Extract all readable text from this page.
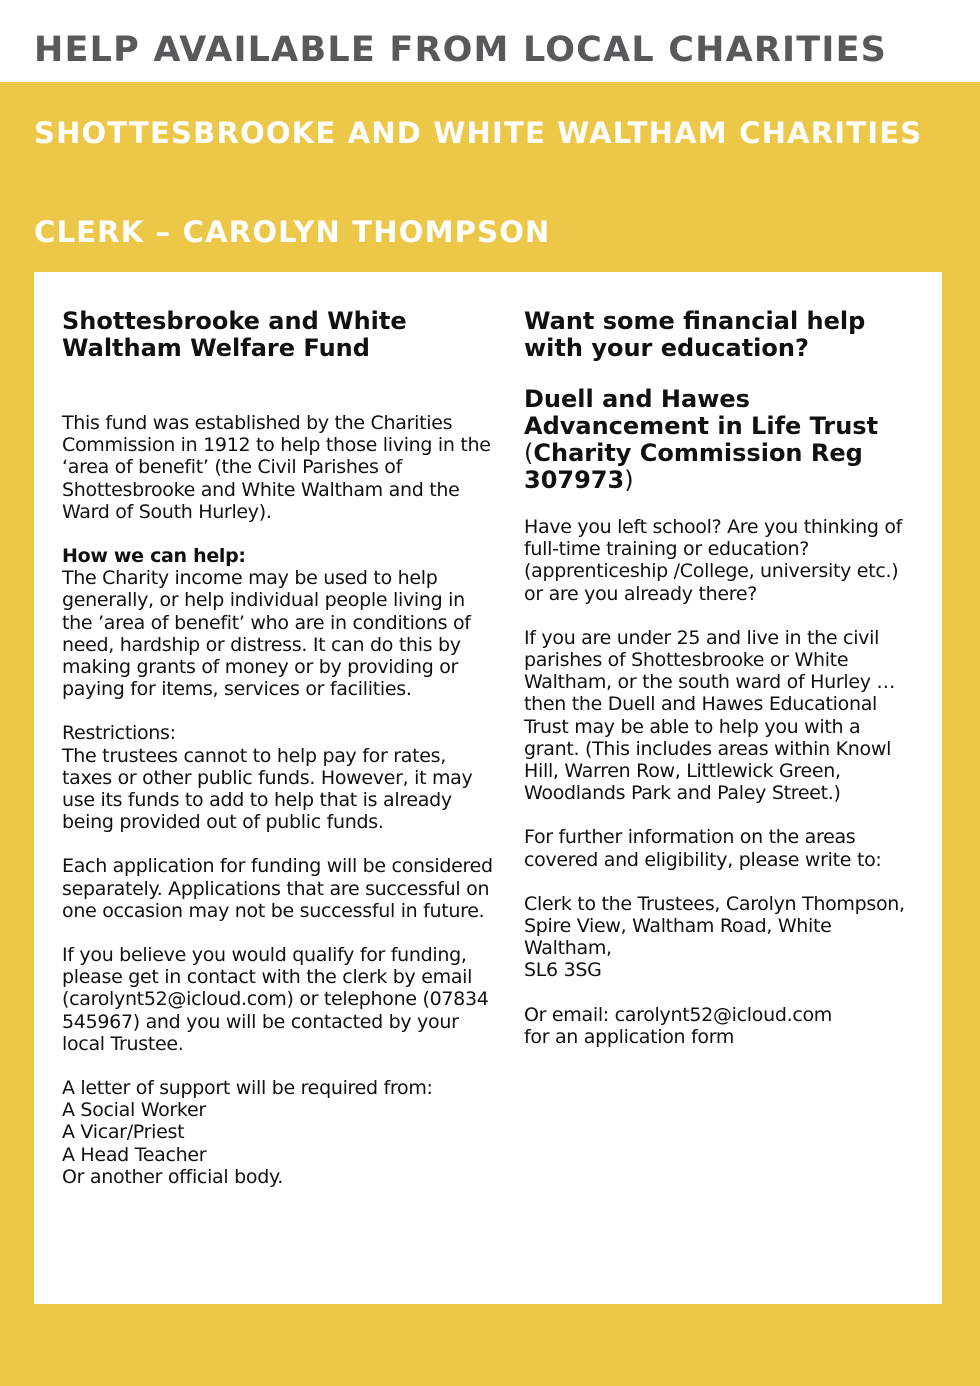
HELP AVAILABLE FROM LOCAL CHARITIES
SHOTTESBROOKE AND WHITE WALTHAM CHARITIES
CLERK – CAROLYN THOMPSON
Shottesbrooke and White Waltham Welfare Fund

This fund was established by the Charities Commission in 1912 to help those living in the ‘area of benefit’ (the Civil Parishes of Shottesbrooke and White Waltham and the Ward of South Hurley).

How we can help:

The Charity income may be used to help generally, or help individual people living in the ’area of benefit’ who are in conditions of need, hardship or distress. It can do this by making grants of money or by providing or paying for items, services or facilities.

Restrictions:

The trustees cannot to help pay for rates, taxes or other public funds. However, it may use its funds to add to help that is already being provided out of public funds.

Each application for funding will be considered separately. Applications that are successful on one occasion may not be successful in future.

If you believe you would qualify for funding, please get in contact with the clerk by email (carolynt52@icloud.com) or telephone (07834 545967) and you will be contacted by your local Trustee.

A letter of support will be required from:

A Social Worker

A Vicar/Priest

A Head Teacher

Or another official body.

Want some financial help with your education?
Duell and Hawes Advancement in Life Trust
(Charity Commission Reg 307973)

Have you left school? Are you thinking of full-time training or education? (apprenticeship /College, university etc.) or are you already there?

If you are under 25 and live in the civil parishes of Shottesbrooke or White Waltham, or the south ward of Hurley … then the Duell and Hawes Educational Trust may be able to help you with a grant. (This includes areas within Knowl Hill, Warren Row, Littlewick Green, Woodlands Park and Paley Street.)

For further information on the areas covered and eligibility, please write to:

Clerk to the Trustees, Carolyn Thompson, Spire View, Waltham Road, White Waltham,

SL6 3SG

Or email: carolynt52@icloud.com

for an application form
